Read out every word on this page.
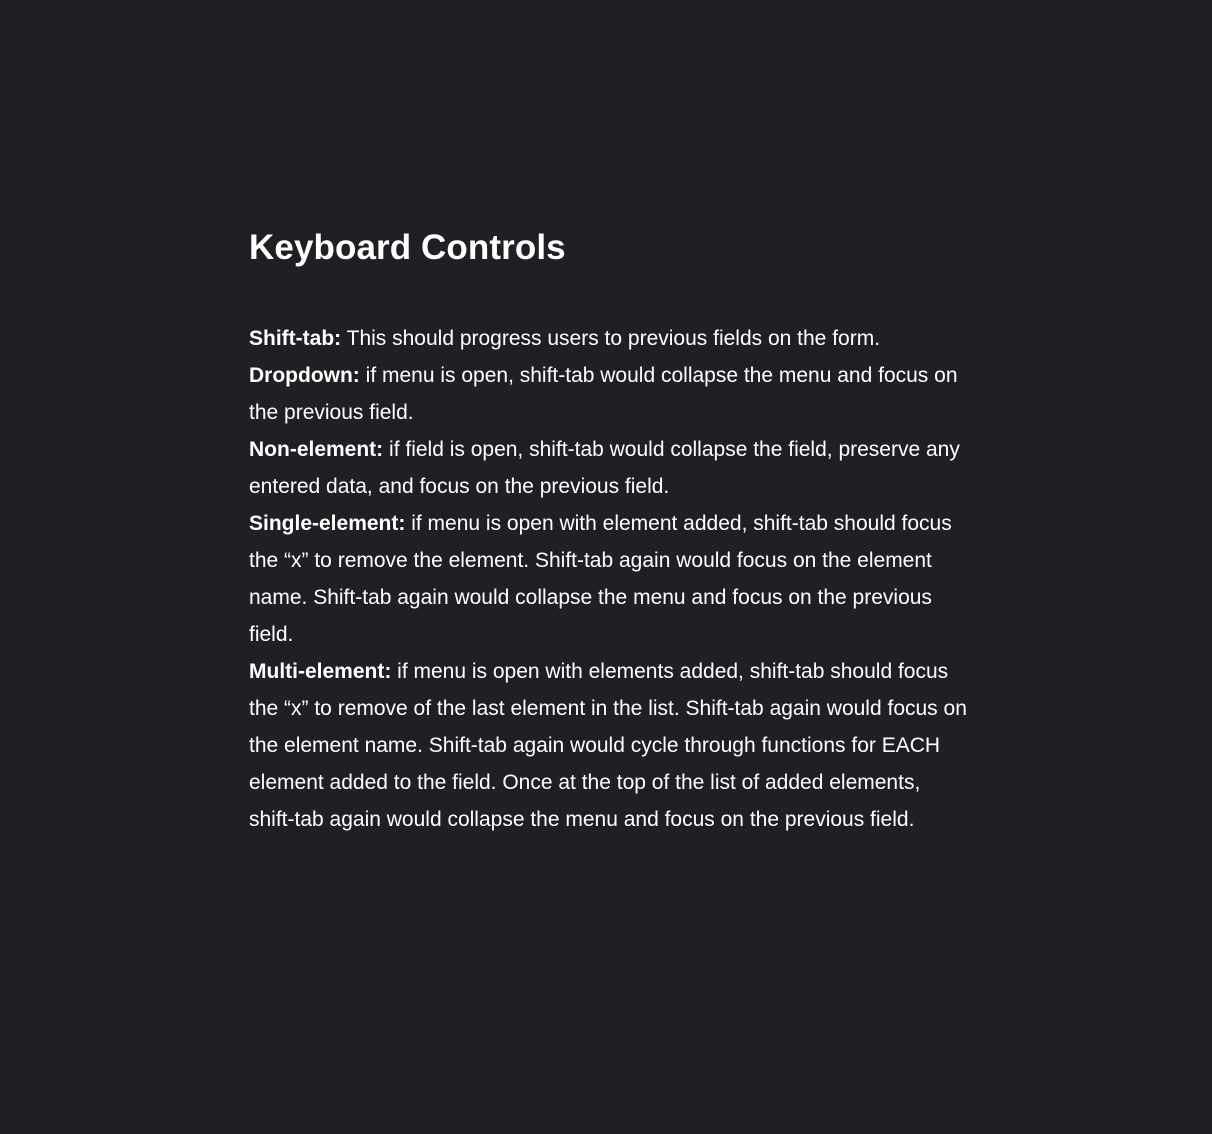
Keyboard Controls

Shift-tab: This should progress users to previous fields on the form.

Dropdown: if menu is open, shift-tab would collapse the menu and focus on the previous field.

Non-element: if field is open, shift-tab would collapse the field, preserve any entered data, and focus on the previous field.

Single-element: if menu is open with element added, shift-tab should focus the “x” to remove the element. Shift-tab again would focus on the element name. Shift-tab again would collapse the menu and focus on the previous field.

Multi-element: if menu is open with elements added, shift-tab should focus the “x” to remove of the last element in the list. Shift-tab again would focus on the element name. Shift-tab again would cycle through functions for EACH element added to the field. Once at the top of the list of added elements, shift-tab again would collapse the menu and focus on the previous field.
